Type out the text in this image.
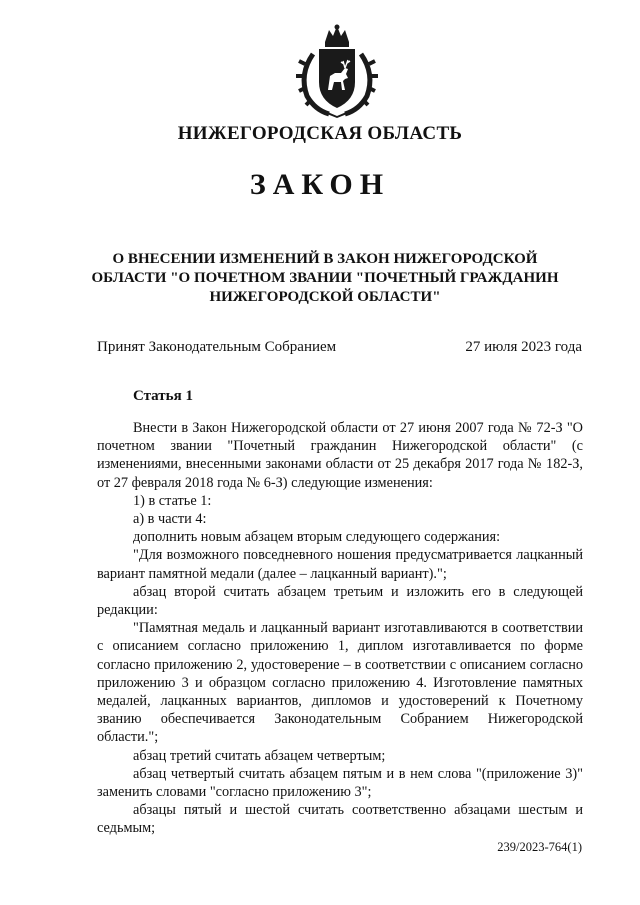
НИЖЕГОРОДСКАЯ ОБЛАСТЬ
ЗАКОН
О ВНЕСЕНИИ ИЗМЕНЕНИЙ В ЗАКОН НИЖЕГОРОДСКОЙ
ОБЛАСТИ "О ПОЧЕТНОМ ЗВАНИИ "ПОЧЕТНЫЙ ГРАЖДАНИН
НИЖЕГОРОДСКОЙ ОБЛАСТИ"
Принят Законодательным Собранием	27 июля 2023 года
Статья 1

Внести в Закон Нижегородской области от 27 июня 2007 года № 72-З "О почетном звании "Почетный гражданин Нижегородской области" (с изменениями, внесенными законами области от 25 декабря 2017 года № 182-З, от 27 февраля 2018 года № 6-З) следующие изменения:

1) в статье 1:

а) в части 4:

дополнить новым абзацем вторым следующего содержания:

"Для возможного повседневного ношения предусматривается лацканный вариант памятной медали (далее – лацканный вариант).";

абзац второй считать абзацем третьим и изложить его в следующей редакции:

"Памятная медаль и лацканный вариант изготавливаются в соответствии с описанием согласно приложению 1, диплом изготавливается по форме согласно приложению 2, удостоверение – в соответствии с описанием согласно приложению 3 и образцом согласно приложению 4. Изготовление памятных медалей, лацканных вариантов, дипломов и удостоверений к Почетному званию обеспечивается Законодательным Собранием Нижегородской области.";

абзац третий считать абзацем четвертым;

абзац четвертый считать абзацем пятым и в нем слова "(приложение 3)" заменить словами "согласно приложению 3";

абзацы пятый и шестой считать соответственно абзацами шестым и седьмым;

239/2023-764(1)
